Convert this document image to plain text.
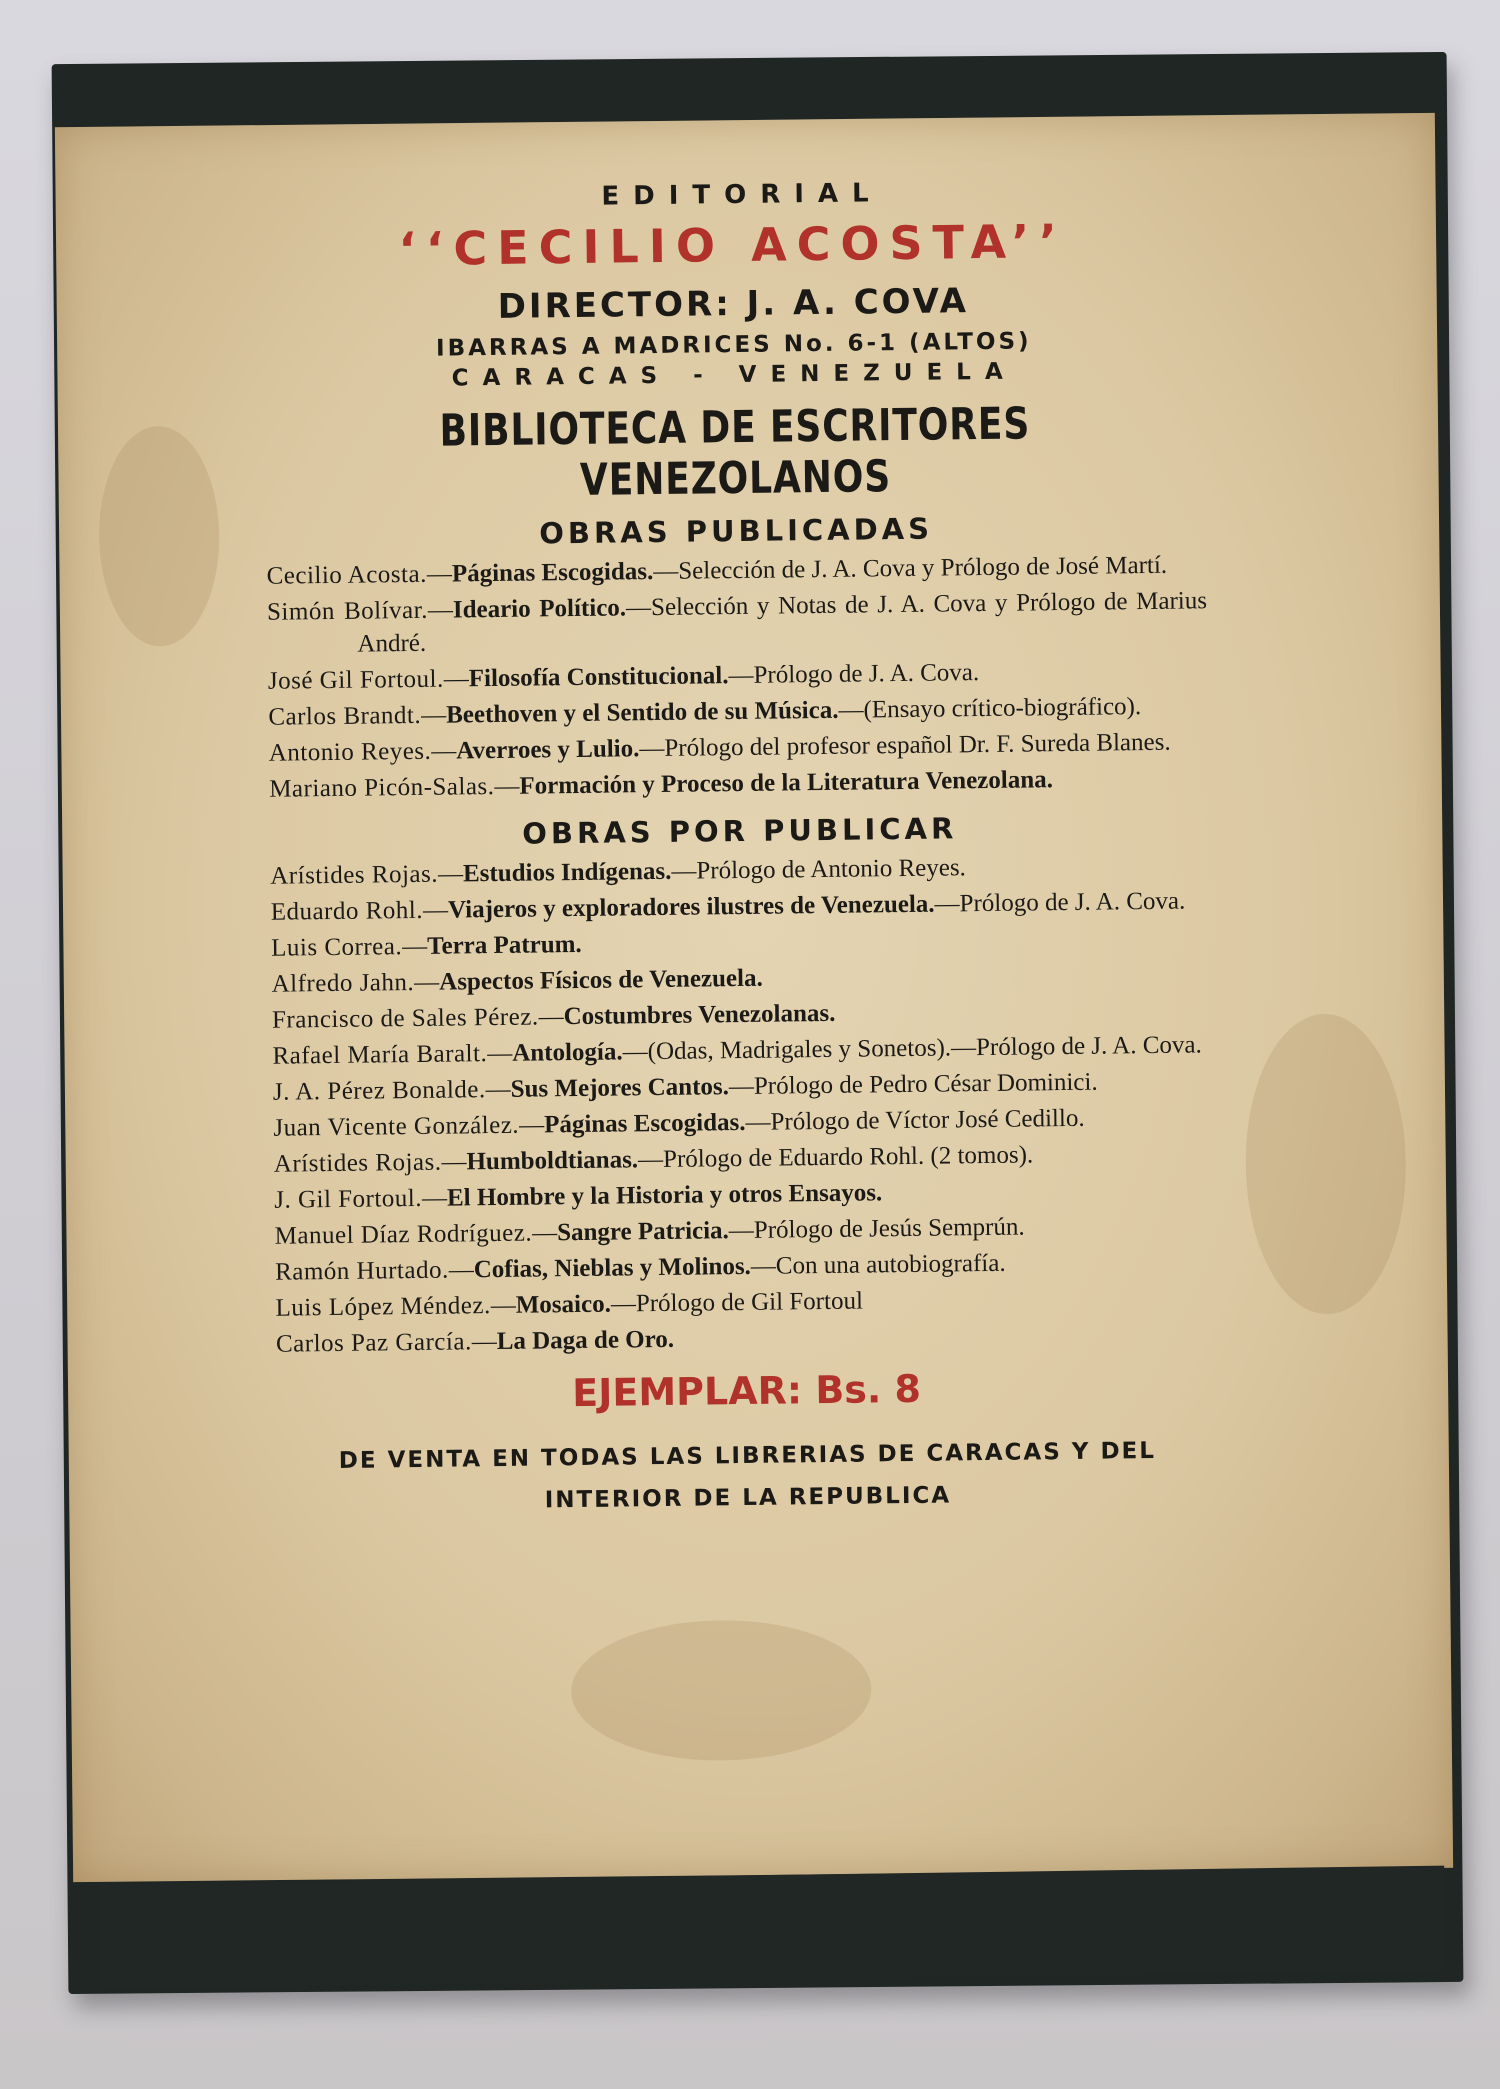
EDITORIAL
‘‘CECILIO ACOSTA’’
DIRECTOR: J. A. COVA
IBARRAS A MADRICES No. 6-1 (ALTOS)
CARACAS - VENEZUELA
BIBLIOTECA DE ESCRITORES VENEZOLANOS
OBRAS PUBLICADAS
Cecilio Acosta.—Páginas Escogidas.—Selección de J. A. Cova y Prólogo de José Martí.
Simón Bolívar.—Ideario Político.—Selección y Notas de J. A. Cova y Prólogo de Marius André.
José Gil Fortoul.—Filosofía Constitucional.—Prólogo de J. A. Cova.
Carlos Brandt.—Beethoven y el Sentido de su Música.—(Ensayo crítico-biográfico).
Antonio Reyes.—Averroes y Lulio.—Prólogo del profesor español Dr. F. Sureda Blanes.
Mariano Picón-Salas.—Formación y Proceso de la Literatura Venezolana.
OBRAS POR PUBLICAR
Arístides Rojas.—Estudios Indígenas.—Prólogo de Antonio Reyes.
Eduardo Rohl.—Viajeros y exploradores ilustres de Venezuela.—Prólogo de J. A. Cova.
Luis Correa.—Terra Patrum.
Alfredo Jahn.—Aspectos Físicos de Venezuela.
Francisco de Sales Pérez.—Costumbres Venezolanas.
Rafael María Baralt.—Antología.—(Odas, Madrigales y Sonetos).—Prólogo de J. A. Cova.
J. A. Pérez Bonalde.—Sus Mejores Cantos.—Prólogo de Pedro César Dominici.
Juan Vicente González.—Páginas Escogidas.—Prólogo de Víctor José Cedillo.
Arístides Rojas.—Humboldtianas.—Prólogo de Eduardo Rohl. (2 tomos).
J. Gil Fortoul.—El Hombre y la Historia y otros Ensayos.
Manuel Díaz Rodríguez.—Sangre Patricia.—Prólogo de Jesús Semprún.
Ramón Hurtado.—Cofias, Nieblas y Molinos.—Con una autobiografía.
Luis López Méndez.—Mosaico.—Prólogo de Gil Fortoul
Carlos Paz García.—La Daga de Oro.
EJEMPLAR: Bs. 8
DE VENTA EN TODAS LAS LIBRERIAS DE CARACAS Y DEL
INTERIOR DE LA REPUBLICA
